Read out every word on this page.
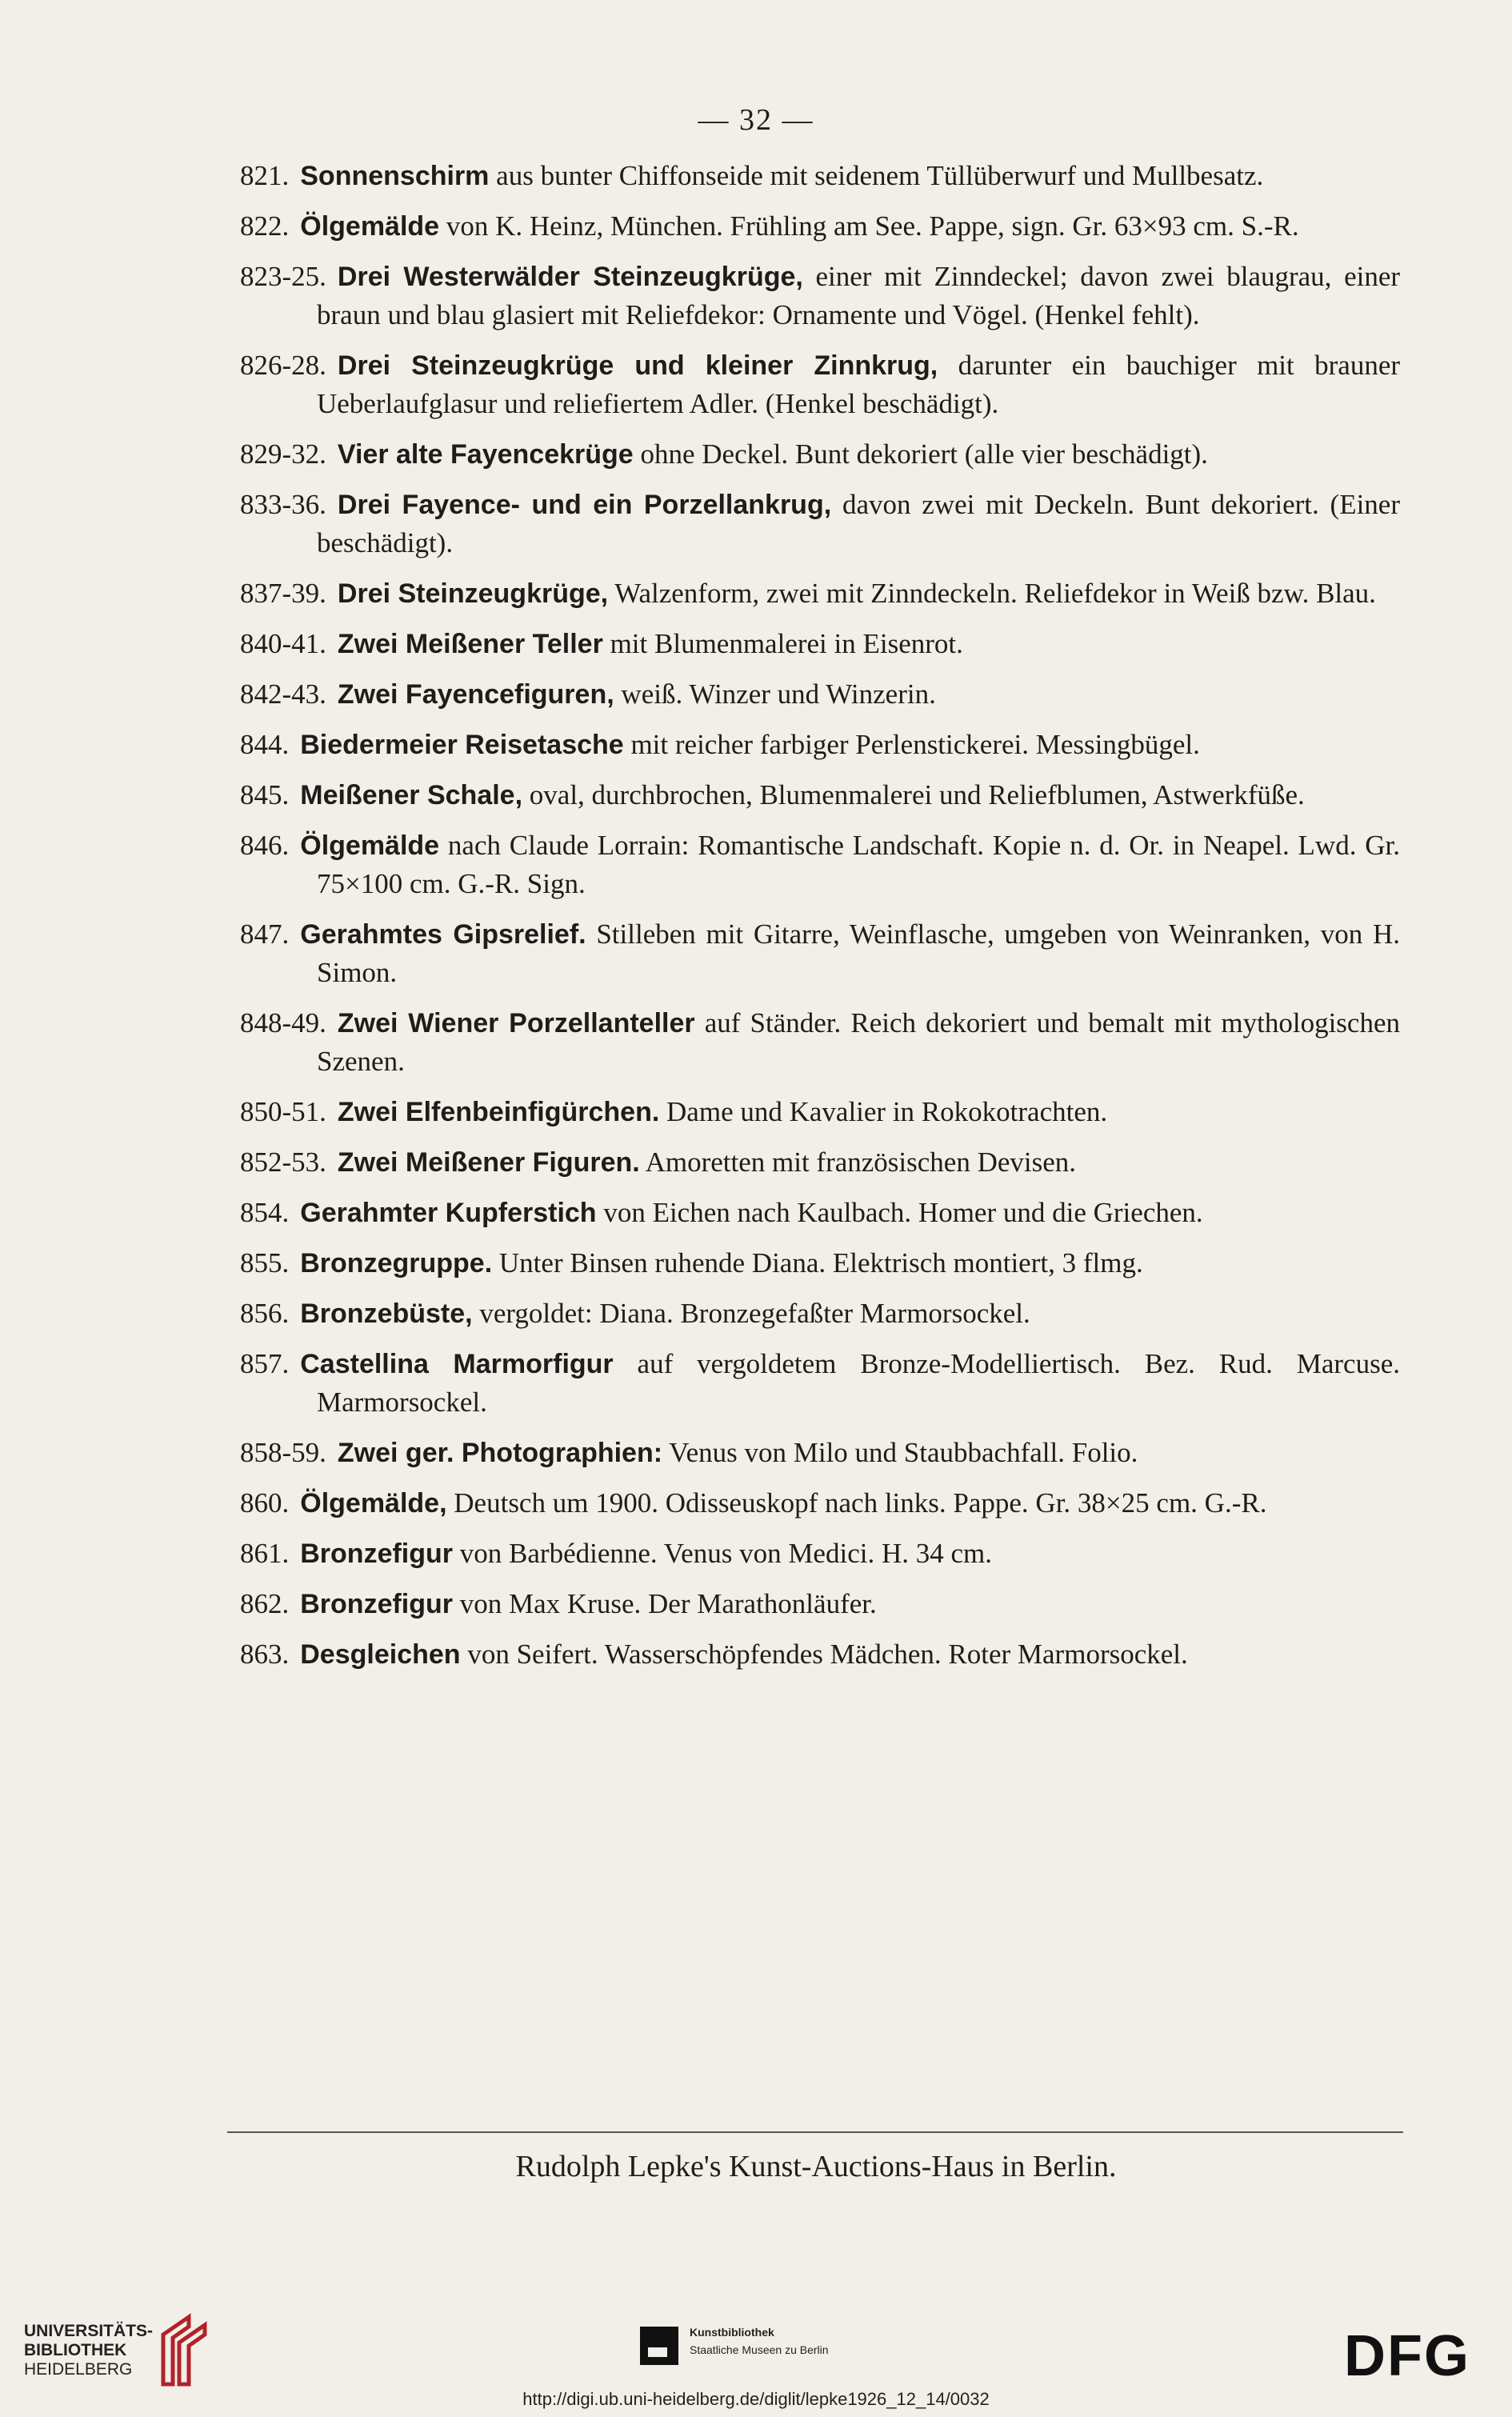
— 32 —
821. Sonnenschirm aus bunter Chiffonseide mit seidenem Tüllüberwurf und Mullbesatz.
822. Ölgemälde von K. Heinz, München. Frühling am See. Pappe, sign. Gr. 63×93 cm. S.-R.
823-25. Drei Westerwälder Steinzeugkrüge, einer mit Zinndeckel; davon zwei blaugrau, einer braun und blau glasiert mit Reliefdekor: Ornamente und Vögel. (Henkel fehlt).
826-28. Drei Steinzeugkrüge und kleiner Zinnkrug, darunter ein bauchiger mit brauner Ueberlaufglasur und reliefiertem Adler. (Henkel beschädigt).
829-32. Vier alte Fayencekrüge ohne Deckel. Bunt dekoriert (alle vier beschädigt).
833-36. Drei Fayence- und ein Porzellankrug, davon zwei mit Deckeln. Bunt dekoriert. (Einer beschädigt).
837-39. Drei Steinzeugkrüge, Walzenform, zwei mit Zinndeckeln. Reliefdekor in Weiß bzw. Blau.
840-41. Zwei Meißener Teller mit Blumenmalerei in Eisenrot.
842-43. Zwei Fayencefiguren, weiß. Winzer und Winzerin.
844. Biedermeier Reisetasche mit reicher farbiger Perlenstickerei. Messingbügel.
845. Meißener Schale, oval, durchbrochen, Blumenmalerei und Reliefblumen, Astwerkfüße.
846. Ölgemälde nach Claude Lorrain: Romantische Landschaft. Kopie n. d. Or. in Neapel. Lwd. Gr. 75×100 cm. G.-R. Sign.
847. Gerahmtes Gipsrelief. Stilleben mit Gitarre, Weinflasche, umgeben von Weinranken, von H. Simon.
848-49. Zwei Wiener Porzellanteller auf Ständer. Reich dekoriert und bemalt mit mythologischen Szenen.
850-51. Zwei Elfenbeinfigürchen. Dame und Kavalier in Rokokotrachten.
852-53. Zwei Meißener Figuren. Amoretten mit französischen Devisen.
854. Gerahmter Kupferstich von Eichen nach Kaulbach. Homer und die Griechen.
855. Bronzegruppe. Unter Binsen ruhende Diana. Elektrisch montiert, 3 flmg.
856. Bronzebüste, vergoldet: Diana. Bronzegefaßter Marmorsockel.
857. Castellina Marmorfigur auf vergoldetem Bronze-Modelliertisch. Bez. Rud. Marcuse. Marmorsockel.
858-59. Zwei ger. Photographien: Venus von Milo und Staubbachfall. Folio.
860. Ölgemälde, Deutsch um 1900. Odisseuskopf nach links. Pappe. Gr. 38×25 cm. G.-R.
861. Bronzefigur von Barbédienne. Venus von Medici. H. 34 cm.
862. Bronzefigur von Max Kruse. Der Marathonläufer.
863. Desgleichen von Seifert. Wasserschöpfendes Mädchen. Roter Marmorsockel.
Rudolph Lepke's Kunst-Auctions-Haus in Berlin.
UNIVERSITÄTS-
BIBLIOTHEK
HEIDELBERG
Kunstbibliothek
Staatliche Museen zu Berlin	DFG
http://digi.ub.uni-heidelberg.de/diglit/lepke1926_12_14/0032
